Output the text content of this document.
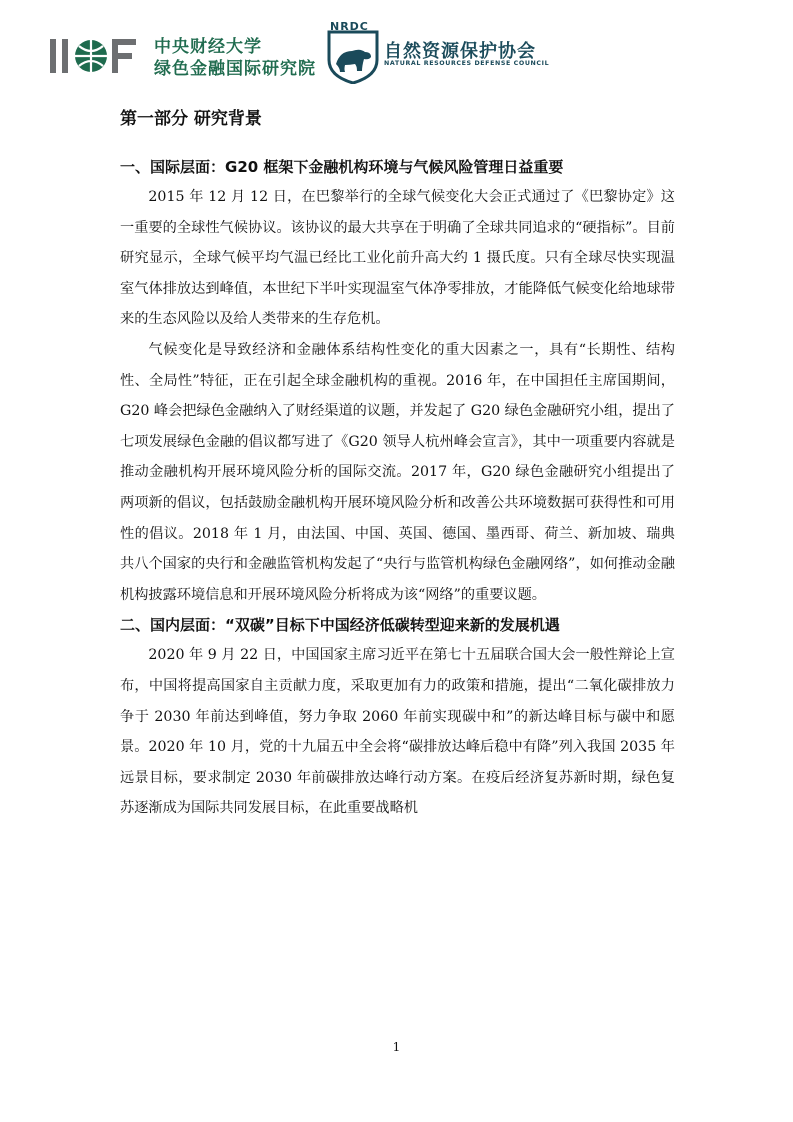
中央财经大学
绿色金融国际研究院
NRDC
自然资源保护协会
NATURAL RESOURCES DEFENSE COUNCIL
第一部分 研究背景
一、国际层面：G20 框架下金融机构环境与气候风险管理日益重要

2015 年 12 月 12 日，在巴黎举行的全球气候变化大会正式通过了《巴黎协定》这一重要的全球性气候协议。该协议的最大共享在于明确了全球共同追求的“硬指标”。目前研究显示，全球气候平均气温已经比工业化前升高大约 1 摄氏度。只有全球尽快实现温室气体排放达到峰值，本世纪下半叶实现温室气体净零排放，才能降低气候变化给地球带来的生态风险以及给人类带来的生存危机。

气候变化是导致经济和金融体系结构性变化的重大因素之一，具有“长期性、结构性、全局性”特征，正在引起全球金融机构的重视。2016 年，在中国担任主席国期间，G20 峰会把绿色金融纳入了财经渠道的议题，并发起了 G20 绿色金融研究小组，提出了七项发展绿色金融的倡议都写进了《G20 领导人杭州峰会宣言》，其中一项重要内容就是推动金融机构开展环境风险分析的国际交流。2017 年，G20 绿色金融研究小组提出了两项新的倡议，包括鼓励金融机构开展环境风险分析和改善公共环境数据可获得性和可用性的倡议。2018 年 1 月，由法国、中国、英国、德国、墨西哥、荷兰、新加坡、瑞典共八个国家的央行和金融监管机构发起了“央行与监管机构绿色金融网络”，如何推动金融机构披露环境信息和开展环境风险分析将成为该“网络”的重要议题。

二、国内层面：“双碳”目标下中国经济低碳转型迎来新的发展机遇

2020 年 9 月 22 日，中国国家主席习近平在第七十五届联合国大会一般性辩论上宣布，中国将提高国家自主贡献力度，采取更加有力的政策和措施，提出“二氧化碳排放力争于 2030 年前达到峰值，努力争取 2060 年前实现碳中和”的新达峰目标与碳中和愿景。2020 年 10 月，党的十九届五中全会将“碳排放达峰后稳中有降”列入我国 2035 年远景目标，要求制定 2030 年前碳排放达峰行动方案。在疫后经济复苏新时期，绿色复苏逐渐成为国际共同发展目标，在此重要战略机

1
